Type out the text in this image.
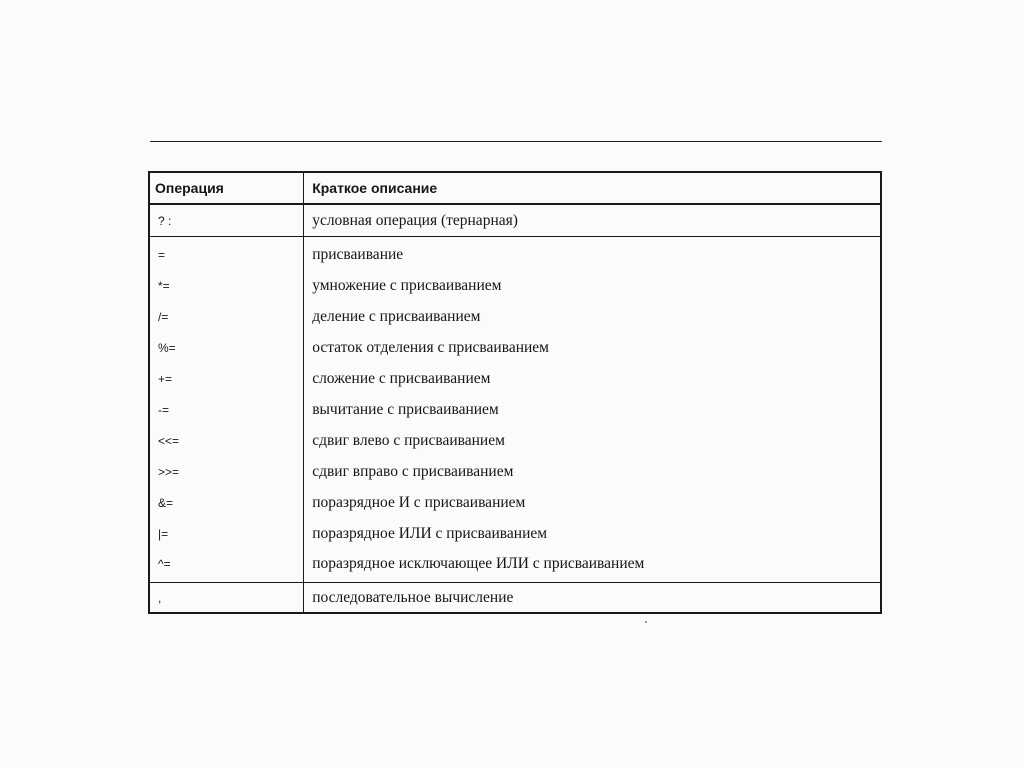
Операция	Краткое описание
? :	условная операция (тернарная)
=	присваивание
*=	умножение с присваиванием
/=	деление с присваиванием
%=	остаток отделения с присваиванием
+=	сложение с присваиванием
-=	вычитание с присваиванием
<<=	сдвиг влево с присваиванием
>>=	сдвиг вправо с присваиванием
&=	поразрядное И с присваиванием
|=	поразрядное ИЛИ с присваиванием
^=	поразрядное исключающее ИЛИ с присваиванием
,	последовательное вычисление
